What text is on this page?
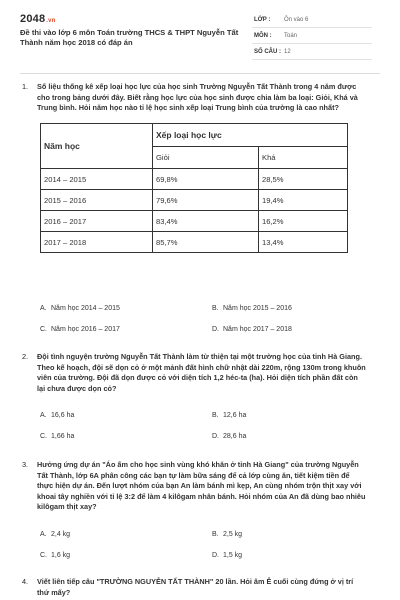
2048.vn
Đề thi vào lớp 6 môn Toán trường THCS & THPT Nguyễn Tất Thành năm học 2018 có đáp án
LỚP : Ôn vào 6
MÔN : Toán
SỐ CÂU : 12
1. Số liệu thống kê xếp loại học lực của học sinh Trường Nguyễn Tất Thành trong 4 năm được cho trong bảng dưới đây. Biết rằng học lực của học sinh được chia làm ba loại: Giỏi, Khá và Trung bình. Hỏi năm học nào tỉ lệ học sinh xếp loại Trung bình của trường là cao nhất?
Năm học	Xếp loại học lực	
	Giỏi	Khá
2014 – 2015	69,8%	28,5%
2015 – 2016	79,6%	19,4%
2016 – 2017	83,4%	16,2%
2017 – 2018	85,7%	13,4%
A. Năm học 2014 – 2015	B. Năm học 2015 – 2016
C. Năm học 2016 – 2017	D. Năm học 2017 – 2018
2. Đội tình nguyện trường Nguyễn Tất Thành làm từ thiện tại một trường học của tỉnh Hà Giang. Theo kế hoạch, đội sẽ dọn cỏ ở một mảnh đất hình chữ nhật dài 220m, rộng 130m trong khuôn viên của trường. Đội đã dọn được cỏ với diện tích 1,2 héc-ta (ha). Hỏi diện tích phần đất còn lại chưa được dọn cỏ?
A. 16,6 ha	B. 12,6 ha
C. 1,66 ha	D. 28,6 ha
3. Hưởng ứng dự án "Áo ấm cho học sinh vùng khó khăn ở tỉnh Hà Giang" của trường Nguyễn Tất Thành, lớp 6A phân công các bạn tự làm bữa sáng để cả lớp cùng ăn, tiết kiệm tiền để thực hiện dự án. Đến lượt nhóm của bạn An làm bánh mì kẹp, An cùng nhóm trộn thịt xay với khoai tây nghiền với tỉ lệ 3:2 để làm 4 kilôgam nhân bánh. Hỏi nhóm của An đã dùng bao nhiêu kilôgam thịt xay?
A. 2,4 kg	B. 2,5 kg
C. 1,6 kg	D. 1,5 kg
4. Viết liên tiếp câu "TRƯỜNG NGUYỄN TẤT THÀNH" 20 lần. Hỏi âm Ễ cuối cùng đứng ở vị trí thứ mấy?
